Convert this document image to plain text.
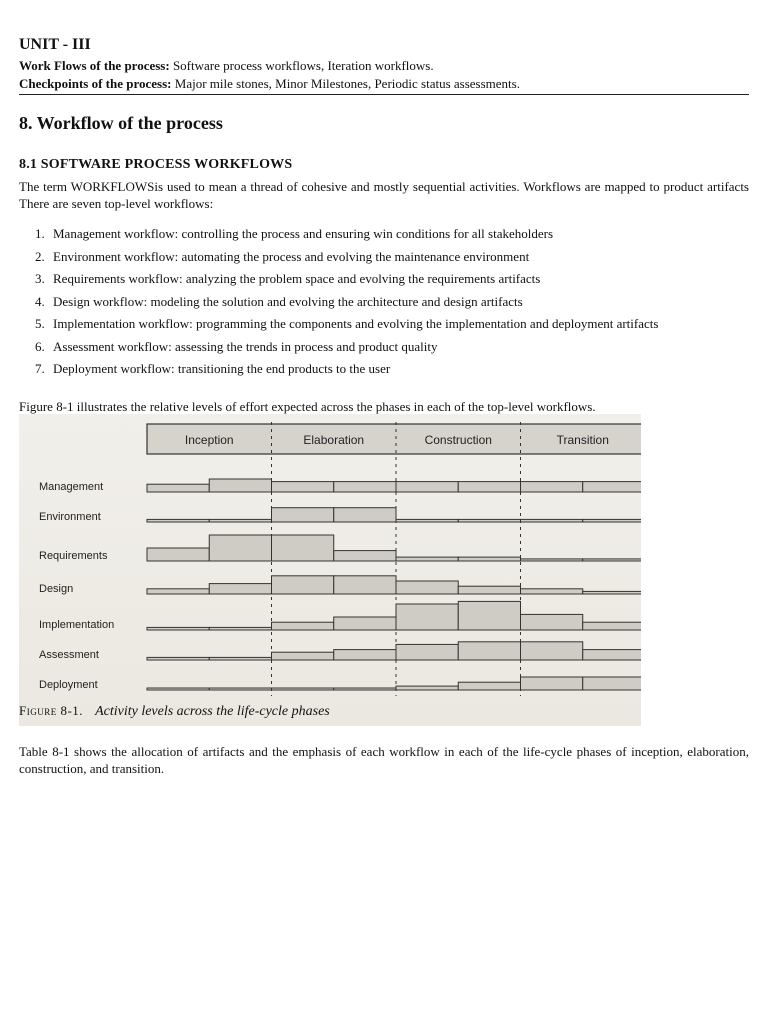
UNIT - III
Work Flows of the process: Software process workflows, Iteration workflows.
Checkpoints of the process: Major mile stones, Minor Milestones, Periodic status assessments.
8. Workflow of the process
8.1 SOFTWARE PROCESS WORKFLOWS
The term WORKFLOWSis used to mean a thread of cohesive and mostly sequential activities. Workflows are mapped to product artifacts There are seven top-level workflows:
1. Management workflow: controlling the process and ensuring win conditions for all stakeholders
2. Environment workflow: automating the process and evolving the maintenance environment
3. Requirements workflow: analyzing the problem space and evolving the requirements artifacts
4. Design workflow: modeling the solution and evolving the architecture and design artifacts
5. Implementation workflow: programming the components and evolving the implementation and deployment artifacts
6. Assessment workflow: assessing the trends in process and product quality
7. Deployment workflow: transitioning the end products to the user
Figure 8-1 illustrates the relative levels of effort expected across the phases in each of the top-level workflows.
Inception	Elaboration	Construction	Transition
Management
Environment
Requirements
Design
Implementation
Assessment
Deployment
Figure 8-1. Activity levels across the life-cycle phases
Table 8-1 shows the allocation of artifacts and the emphasis of each workflow in each of the life-cycle phases of inception, elaboration, construction, and transition.
